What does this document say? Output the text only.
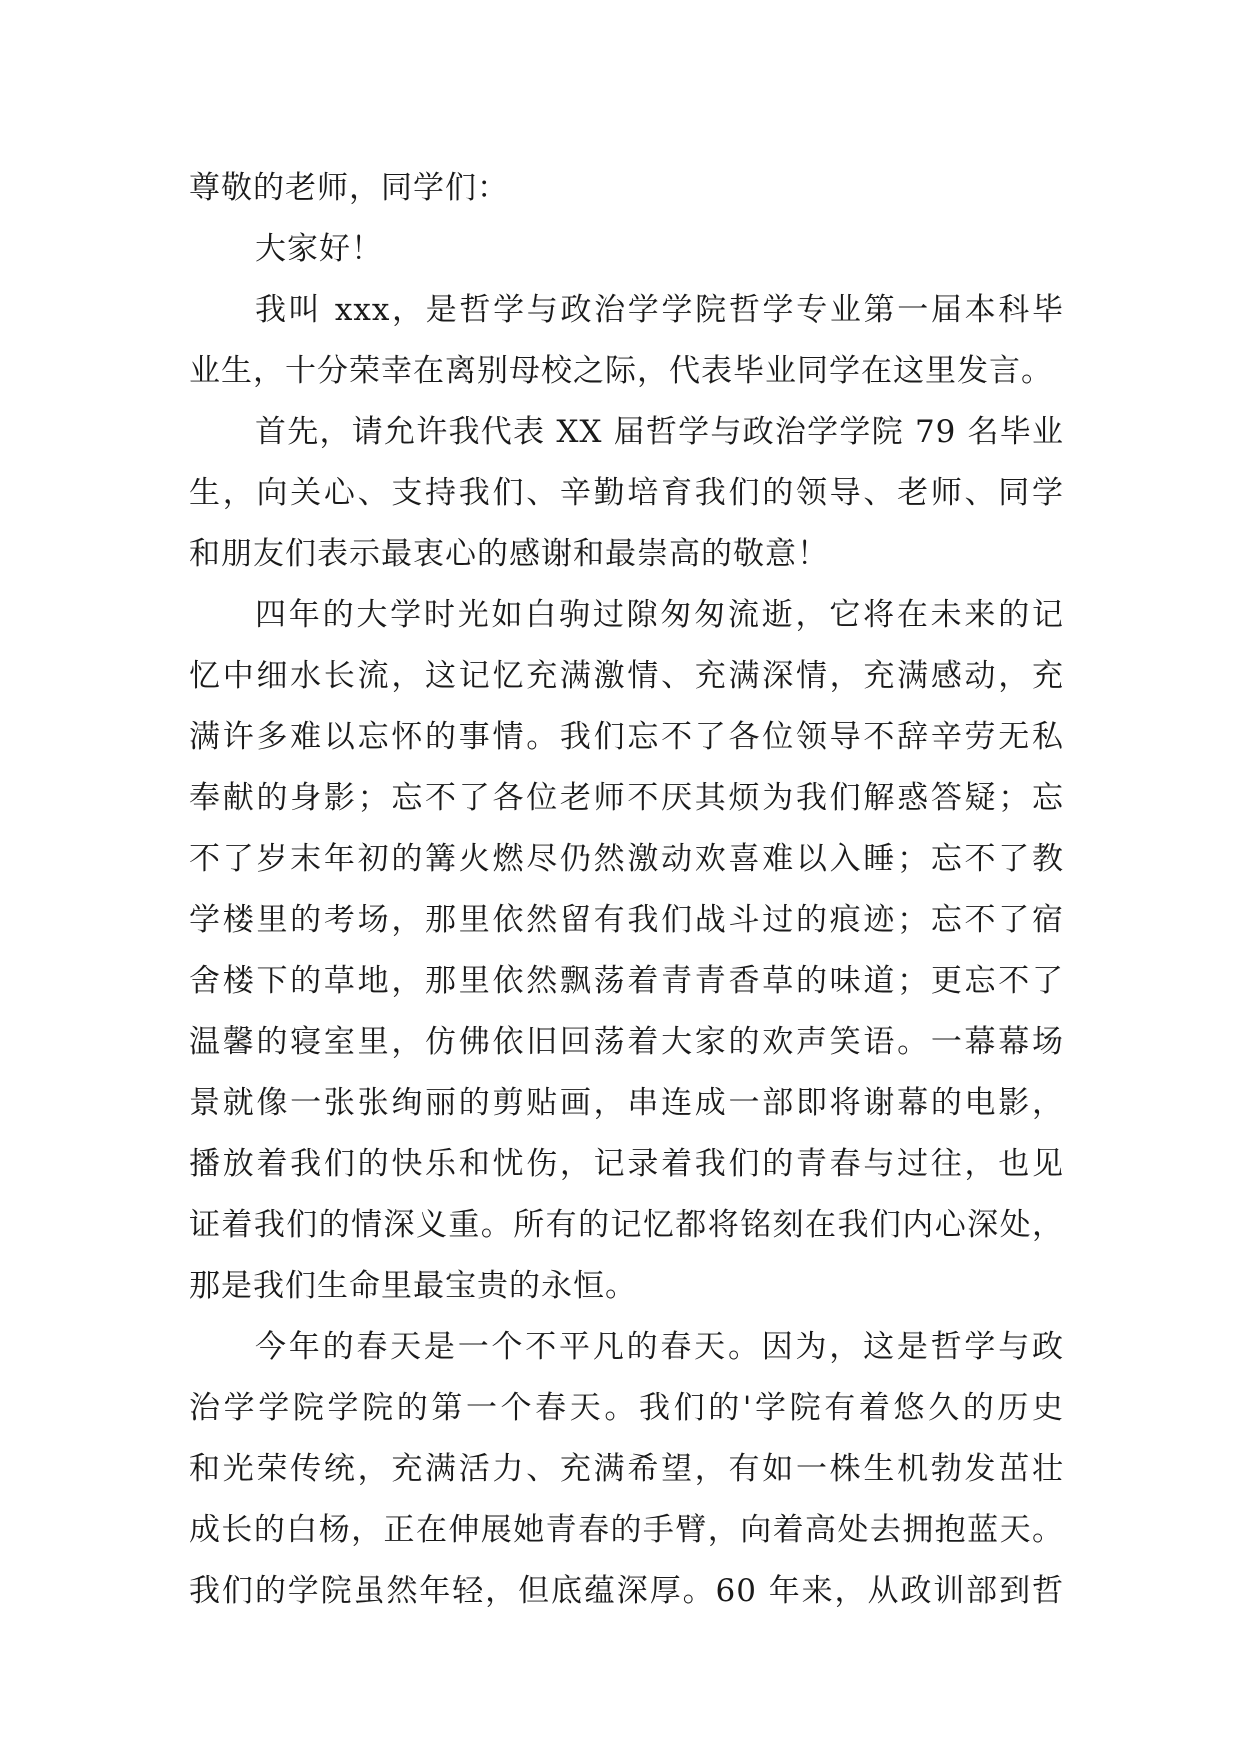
尊敬的老师，同学们：
大家好！
我叫 xxx，是哲学与政治学学院哲学专业第一届本科毕
业生，十分荣幸在离别母校之际，代表毕业同学在这里发言。
首先，请允许我代表 XX 届哲学与政治学学院 79 名毕业
生，向关心、支持我们、辛勤培育我们的领导、老师、同学
和朋友们表示最衷心的感谢和最崇高的敬意！
四年的大学时光如白驹过隙匆匆流逝，它将在未来的记
忆中细水长流，这记忆充满激情、充满深情，充满感动，充
满许多难以忘怀的事情。我们忘不了各位领导不辞辛劳无私
奉献的身影；忘不了各位老师不厌其烦为我们解惑答疑；忘
不了岁末年初的篝火燃尽仍然激动欢喜难以入睡；忘不了教
学楼里的考场，那里依然留有我们战斗过的痕迹；忘不了宿
舍楼下的草地，那里依然飘荡着青青香草的味道；更忘不了
温馨的寝室里，仿佛依旧回荡着大家的欢声笑语。一幕幕场
景就像一张张绚丽的剪贴画，串连成一部即将谢幕的电影，
播放着我们的快乐和忧伤，记录着我们的青春与过往，也见
证着我们的情深义重。所有的记忆都将铭刻在我们内心深处，
那是我们生命里最宝贵的永恒。
今年的春天是一个不平凡的春天。因为，这是哲学与政
治学学院学院的第一个春天。我们的'学院有着悠久的历史
和光荣传统，充满活力、充满希望，有如一株生机勃发茁壮
成长的白杨，正在伸展她青春的手臂，向着高处去拥抱蓝天。
我们的学院虽然年轻，但底蕴深厚。60 年来，从政训部到哲
